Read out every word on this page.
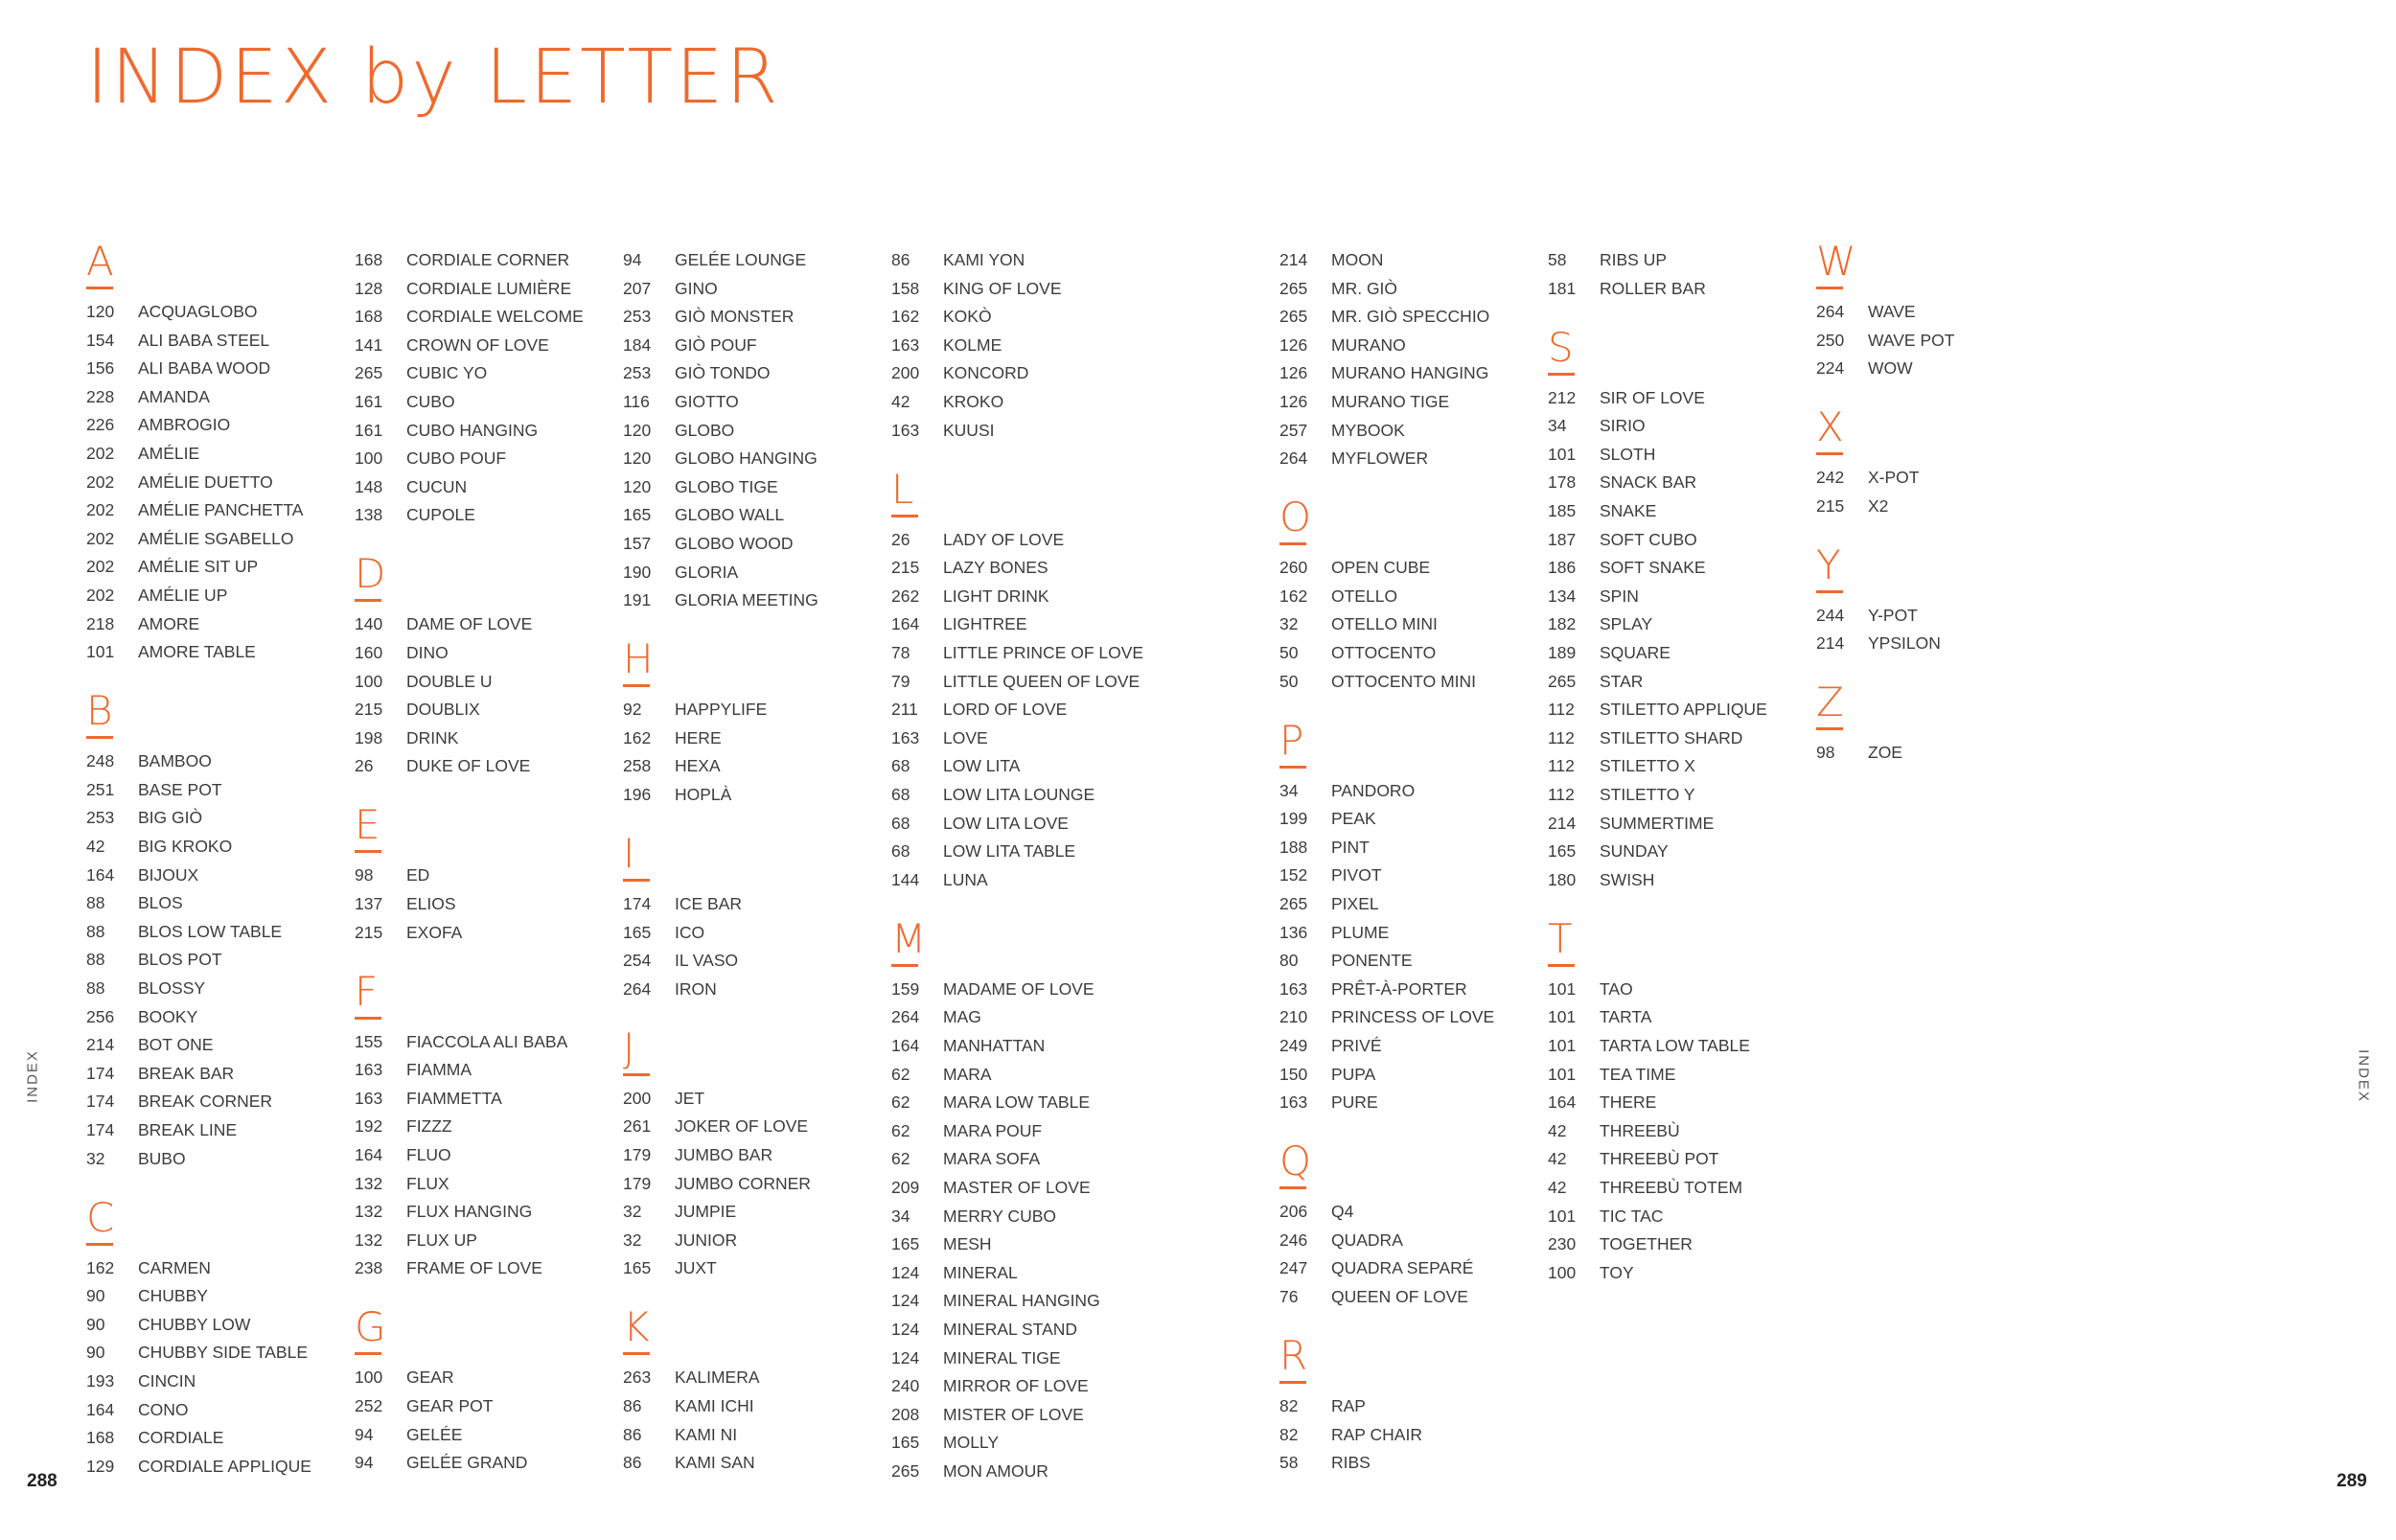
INDEX by LETTER
INDEX	INDEX
288	289
A
120 ACQUAGLOBO
154 ALI BABA STEEL
156 ALI BABA WOOD
228 AMANDA
226 AMBROGIO
202 AMÉLIE
202 AMÉLIE DUETTO
202 AMÉLIE PANCHETTA
202 AMÉLIE SGABELLO
202 AMÉLIE SIT UP
202 AMÉLIE UP
218 AMORE
101 AMORE TABLE
B
248 BAMBOO
251 BASE POT
253 BIG GIÒ
42 BIG KROKO
164 BIJOUX
88 BLOS
88 BLOS LOW TABLE
88 BLOS POT
88 BLOSSY
256 BOOKY
214 BOT ONE
174 BREAK BAR
174 BREAK CORNER
174 BREAK LINE
32 BUBO
C
162 CARMEN
90 CHUBBY
90 CHUBBY LOW
90 CHUBBY SIDE TABLE
193 CINCIN
164 CONO
168 CORDIALE
129 CORDIALE APPLIQUE
168 CORDIALE CORNER
128 CORDIALE LUMIÈRE
168 CORDIALE WELCOME
141 CROWN OF LOVE
265 CUBIC YO
161 CUBO
161 CUBO HANGING
100 CUBO POUF
148 CUCUN
138 CUPOLE
D
140 DAME OF LOVE
160 DINO
100 DOUBLE U
215 DOUBLIX
198 DRINK
26 DUKE OF LOVE
E
98 ED
137 ELIOS
215 EXOFA
F
155 FIACCOLA ALI BABA
163 FIAMMA
163 FIAMMETTA
192 FIZZZ
164 FLUO
132 FLUX
132 FLUX HANGING
132 FLUX UP
238 FRAME OF LOVE
G
100 GEAR
252 GEAR POT
94 GELÉE
94 GELÉE GRAND
94 GELÉE LOUNGE
207 GINO
253 GIÒ MONSTER
184 GIÒ POUF
253 GIÒ TONDO
116 GIOTTO
120 GLOBO
120 GLOBO HANGING
120 GLOBO TIGE
165 GLOBO WALL
157 GLOBO WOOD
190 GLORIA
191 GLORIA MEETING
H
92 HAPPYLIFE
162 HERE
258 HEXA
196 HOPLÀ
I
174 ICE BAR
165 ICO
254 IL VASO
264 IRON
J
200 JET
261 JOKER OF LOVE
179 JUMBO BAR
179 JUMBO CORNER
32 JUMPIE
32 JUNIOR
165 JUXT
K
263 KALIMERA
86 KAMI ICHI
86 KAMI NI
86 KAMI SAN
86 KAMI YON
158 KING OF LOVE
162 KOKÒ
163 KOLME
200 KONCORD
42 KROKO
163 KUUSI
L
26 LADY OF LOVE
215 LAZY BONES
262 LIGHT DRINK
164 LIGHTREE
78 LITTLE PRINCE OF LOVE
79 LITTLE QUEEN OF LOVE
211 LORD OF LOVE
163 LOVE
68 LOW LITA
68 LOW LITA LOUNGE
68 LOW LITA LOVE
68 LOW LITA TABLE
144 LUNA
M
159 MADAME OF LOVE
264 MAG
164 MANHATTAN
62 MARA
62 MARA LOW TABLE
62 MARA POUF
62 MARA SOFA
209 MASTER OF LOVE
34 MERRY CUBO
165 MESH
124 MINERAL
124 MINERAL HANGING
124 MINERAL STAND
124 MINERAL TIGE
240 MIRROR OF LOVE
208 MISTER OF LOVE
165 MOLLY
265 MON AMOUR
214 MOON
265 MR. GIÒ
265 MR. GIÒ SPECCHIO
126 MURANO
126 MURANO HANGING
126 MURANO TIGE
257 MYBOOK
264 MYFLOWER
O
260 OPEN CUBE
162 OTELLO
32 OTELLO MINI
50 OTTOCENTO
50 OTTOCENTO MINI
P
34 PANDORO
199 PEAK
188 PINT
152 PIVOT
265 PIXEL
136 PLUME
80 PONENTE
163 PRÊT-À-PORTER
210 PRINCESS OF LOVE
249 PRIVÉ
150 PUPA
163 PURE
Q
206 Q4
246 QUADRA
247 QUADRA SEPARÉ
76 QUEEN OF LOVE
R
82 RAP
82 RAP CHAIR
58 RIBS
58 RIBS UP
181 ROLLER BAR
S
212 SIR OF LOVE
34 SIRIO
101 SLOTH
178 SNACK BAR
185 SNAKE
187 SOFT CUBO
186 SOFT SNAKE
134 SPIN
182 SPLAY
189 SQUARE
265 STAR
112 STILETTO APPLIQUE
112 STILETTO SHARD
112 STILETTO X
112 STILETTO Y
214 SUMMERTIME
165 SUNDAY
180 SWISH
T
101 TAO
101 TARTA
101 TARTA LOW TABLE
101 TEA TIME
164 THERE
42 THREEBÙ
42 THREEBÙ POT
42 THREEBÙ TOTEM
101 TIC TAC
230 TOGETHER
100 TOY
W
264 WAVE
250 WAVE POT
224 WOW
X
242 X-POT
215 X2
Y
244 Y-POT
214 YPSILON
Z
98 ZOE
